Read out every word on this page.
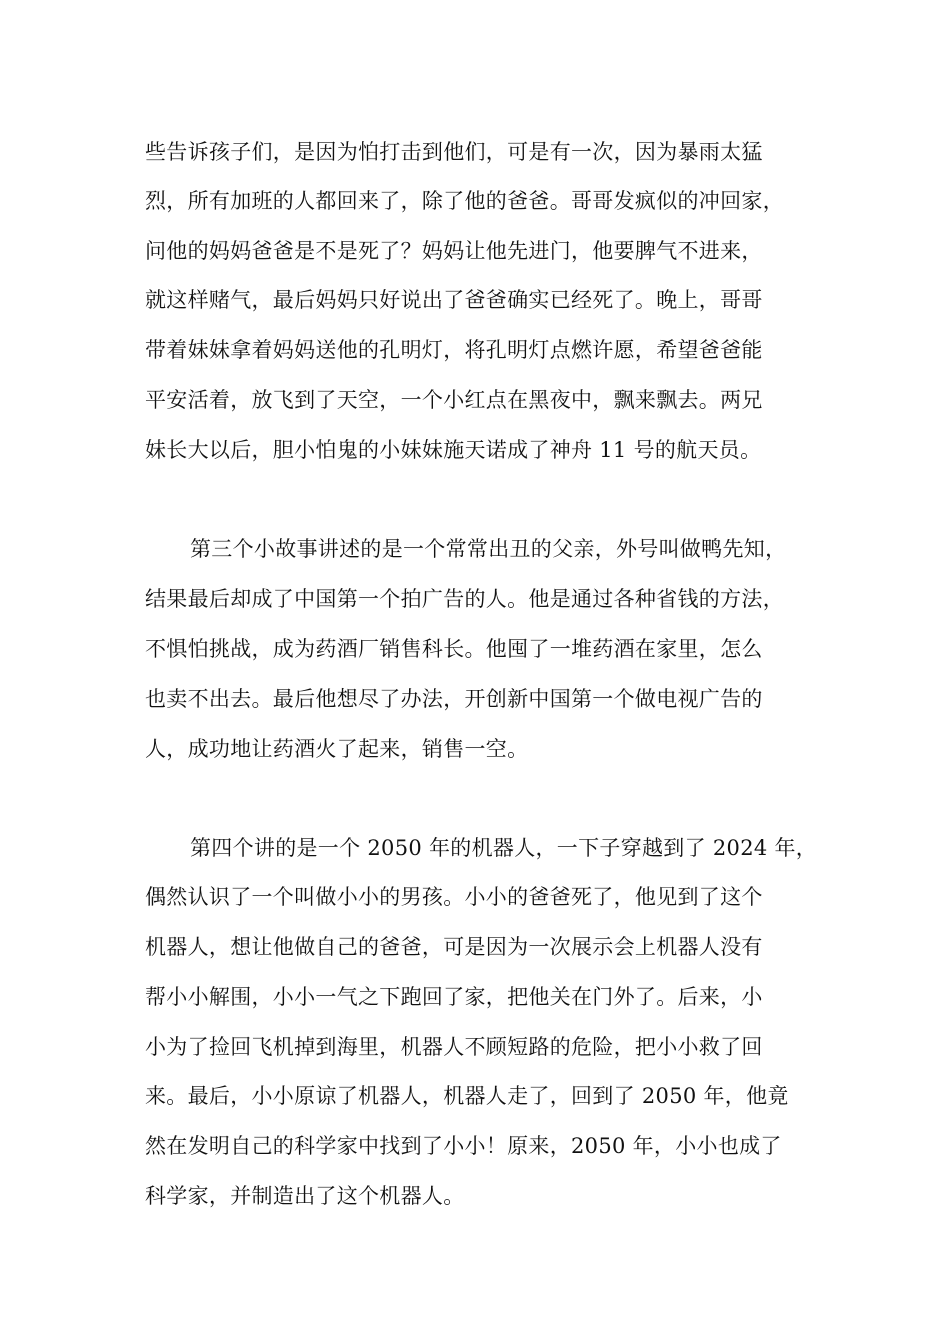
些告诉孩子们，是因为怕打击到他们，可是有一次，因为暴雨太猛
烈，所有加班的人都回来了，除了他的爸爸。哥哥发疯似的冲回家，
问他的妈妈爸爸是不是死了？妈妈让他先进门，他要脾气不进来，
就这样赌气，最后妈妈只好说出了爸爸确实已经死了。晚上，哥哥
带着妹妹拿着妈妈送他的孔明灯，将孔明灯点燃许愿，希望爸爸能
平安活着，放飞到了天空，一个小红点在黑夜中，飘来飘去。两兄
妹长大以后，胆小怕鬼的小妹妹施天诺成了神舟 11 号的航天员。
第三个小故事讲述的是一个常常出丑的父亲，外号叫做鸭先知，
结果最后却成了中国第一个拍广告的人。他是通过各种省钱的方法，
不惧怕挑战，成为药酒厂销售科长。他囤了一堆药酒在家里，怎么
也卖不出去。最后他想尽了办法，开创新中国第一个做电视广告的
人，成功地让药酒火了起来，销售一空。
第四个讲的是一个 2050 年的机器人，一下子穿越到了 2024 年，
偶然认识了一个叫做小小的男孩。小小的爸爸死了，他见到了这个
机器人，想让他做自己的爸爸，可是因为一次展示会上机器人没有
帮小小解围，小小一气之下跑回了家，把他关在门外了。后来，小
小为了捡回飞机掉到海里，机器人不顾短路的危险，把小小救了回
来。最后，小小原谅了机器人，机器人走了，回到了 2050 年，他竟
然在发明自己的科学家中找到了小小！原来，2050 年，小小也成了
科学家，并制造出了这个机器人。
